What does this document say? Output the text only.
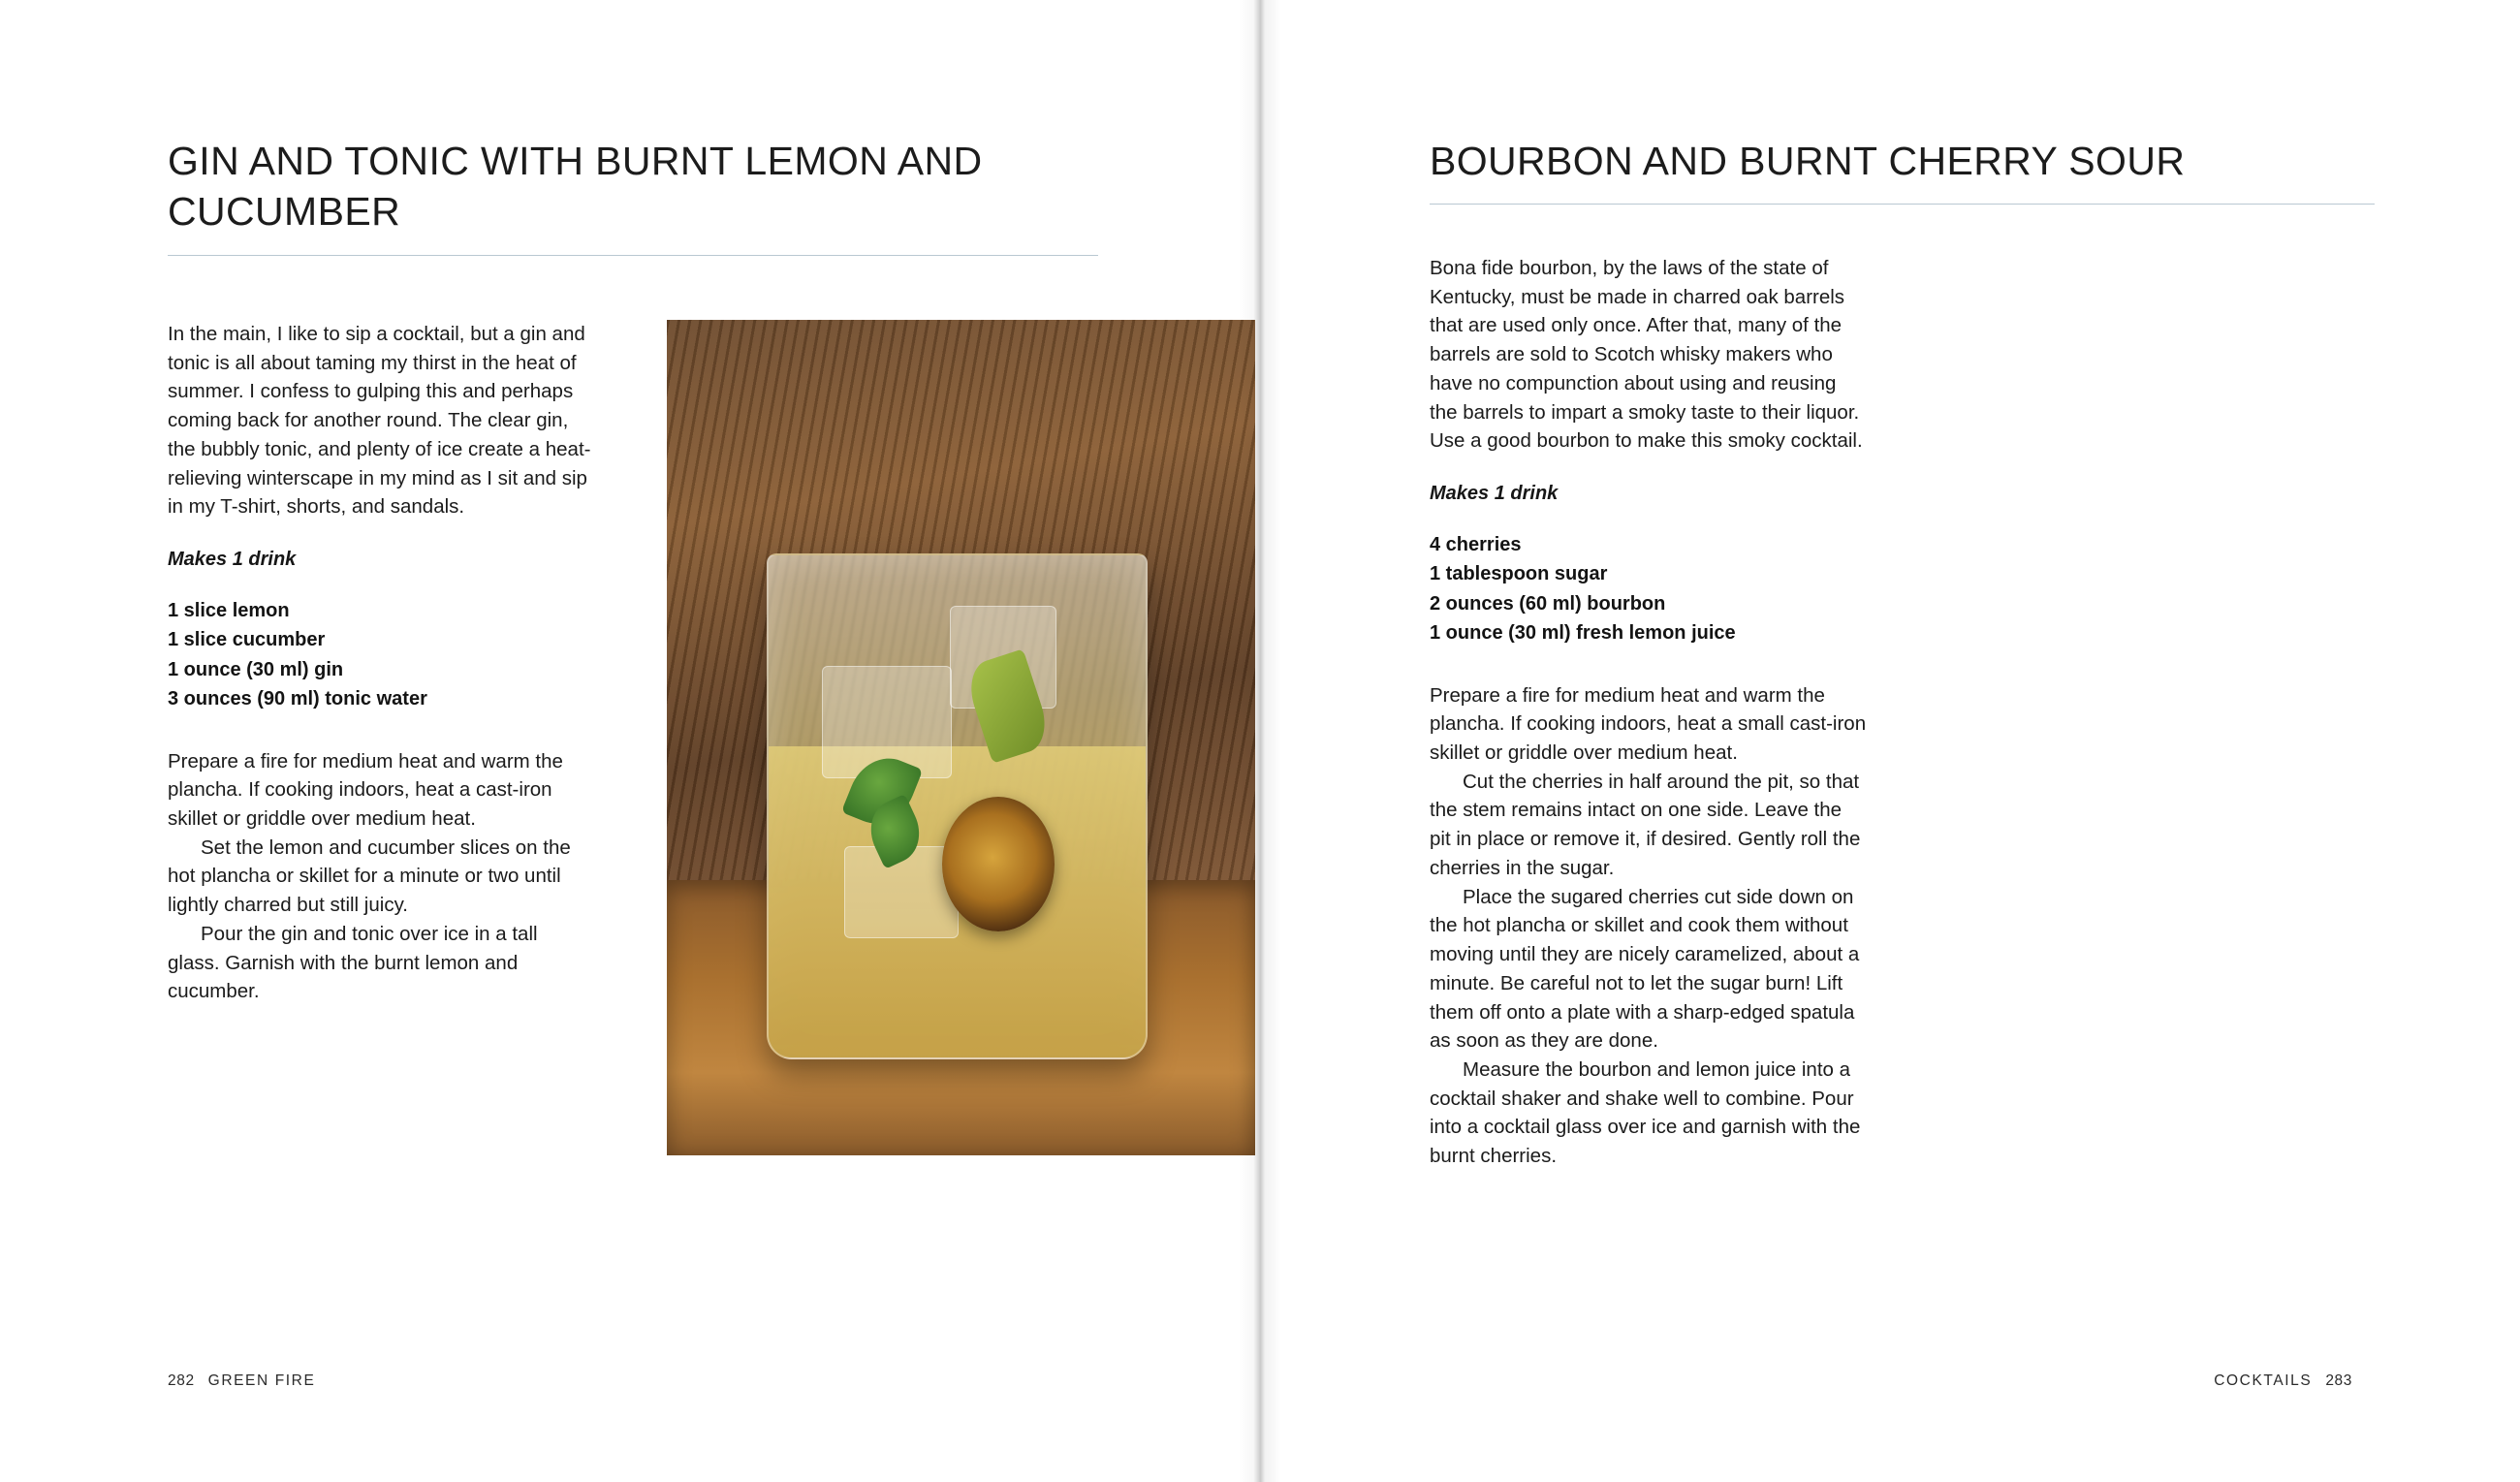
GIN AND TONIC WITH BURNT LEMON AND CUCUMBER

In the main, I like to sip a cocktail, but a gin and tonic is all about taming my thirst in the heat of summer. I confess to gulping this and perhaps coming back for another round. The clear gin, the bubbly tonic, and plenty of ice create a heat-relieving winterscape in my mind as I sit and sip in my T-shirt, shorts, and sandals.

Makes 1 drink

1 slice lemon
1 slice cucumber
1 ounce (30 ml) gin
3 ounces (90 ml) tonic water

Prepare a fire for medium heat and warm the plancha. If cooking indoors, heat a cast-iron skillet or griddle over medium heat.

Set the lemon and cucumber slices on the hot plancha or skillet for a minute or two until lightly charred but still juicy.

Pour the gin and tonic over ice in a tall glass. Garnish with the burnt lemon and cucumber.

282 GREEN FIRE
BOURBON AND BURNT CHERRY SOUR

Bona fide bourbon, by the laws of the state of Kentucky, must be made in charred oak barrels that are used only once. After that, many of the barrels are sold to Scotch whisky makers who have no compunction about using and reusing the barrels to impart a smoky taste to their liquor. Use a good bourbon to make this smoky cocktail.

Makes 1 drink

4 cherries
1 tablespoon sugar
2 ounces (60 ml) bourbon
1 ounce (30 ml) fresh lemon juice

Prepare a fire for medium heat and warm the plancha. If cooking indoors, heat a small cast-iron skillet or griddle over medium heat.

Cut the cherries in half around the pit, so that the stem remains intact on one side. Leave the pit in place or remove it, if desired. Gently roll the cherries in the sugar.

Place the sugared cherries cut side down on the hot plancha or skillet and cook them without moving until they are nicely caramelized, about a minute. Be careful not to let the sugar burn! Lift them off onto a plate with a sharp-edged spatula as soon as they are done.

Measure the bourbon and lemon juice into a cocktail shaker and shake well to combine. Pour into a cocktail glass over ice and garnish with the burnt cherries.

COCKTAILS 283
